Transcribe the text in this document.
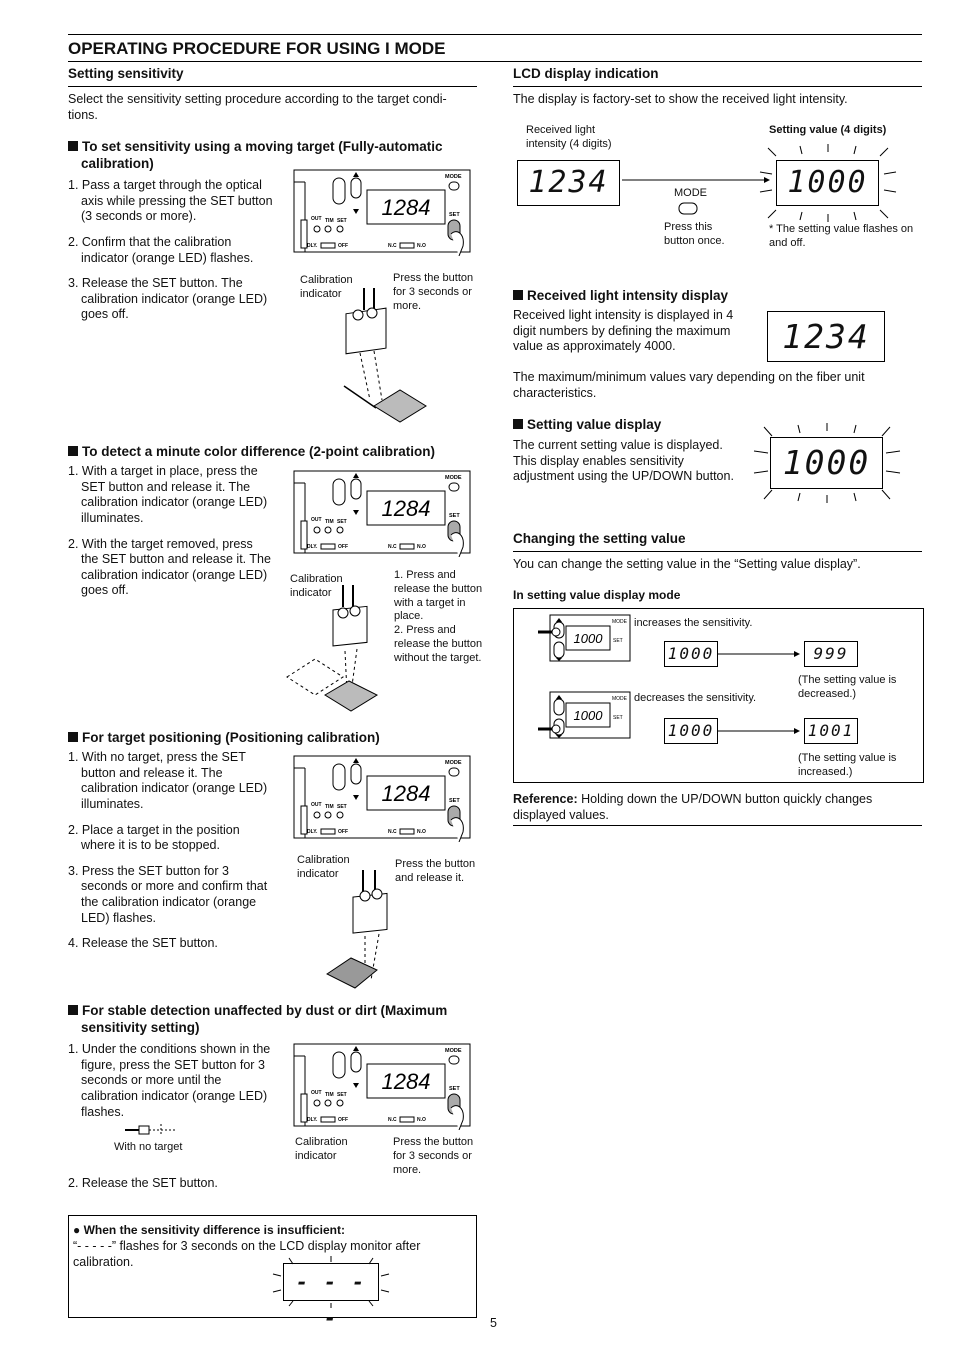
OPERATING PROCEDURE FOR USING I MODE
Setting sensitivity
Select the sensitivity setting procedure according to the target condi-
tions.
To set sensitivity using a moving target (Fully-automatic calibration)
1. Pass a target through the optical axis while pressing the SET button (3 seconds or more).
2. Confirm that the calibration indicator (orange LED) flashes.
3. Release the SET button. The calibration indicator (orange LED) goes off.
1284
MODE
SET
OUT TIM SET
DLY.	OFF	N.C	N.O
Calibration indicator
Press the button for 3 seconds or more.
To detect a minute color difference (2-point calibration)
1. With a target in place, press the SET button and release it. The calibration indicator (orange LED) illuminates.
2. With the target removed, press the SET button and release it. The calibration indicator (orange LED) goes off.
1284
MODE
SET
OUT TIM SET
DLY.	OFF	N.C	N.O
Calibration indicator
1. Press and release the button with a target in place.
2. Press and release the button without the target.
For target positioning (Positioning calibration)
1. With no target, press the SET button and release it. The calibration indicator (orange LED) illuminates.
2. Place a target in the position where it is to be stopped.
3. Press the SET button for 3 seconds or more and confirm that the calibration indicator (orange LED) flashes.
4. Release the SET button.
1284
MODE
SET
OUT TIM SET
DLY.	OFF	N.C	N.O
Calibration indicator
Press the button and release it.
For stable detection unaffected by dust or dirt (Maximum sensitivity setting)
1. Under the conditions shown in the figure, press the SET button for 3 seconds or more until the calibration indicator (orange LED) flashes.
With no target
2. Release the SET button.
1284
MODE
SET
OUT TIM SET
DLY.	OFF	N.C	N.O
Calibration indicator
Press the button for 3 seconds or more.
● When the sensitivity difference is insufficient:
“- - - - -” flashes for 3 seconds on the LCD display monitor after calibration.
- - - -	5
LCD display indication
The display is factory-set to show the received light intensity.
Received light intensity (4 digits)
Setting value (4 digits)
1234	MODE
Press this button once.
1000
* The setting value flashes on and off.
Received light intensity display
Received light intensity is displayed in 4 digit numbers by defining the maximum value as approximately 4000.	1234
The maximum/minimum values vary depending on the fiber unit characteristics.
Setting value display
The current setting value is displayed. This display enables sensitivity adjustment using the UP/DOWN button.	1000
Changing the setting value
You can change the setting value in the “Setting value display”.
In setting value display mode
1000
MODE
SET
increases the sensitivity.
1000	999
(The setting value is decreased.)
1000
MODE
SET
decreases the sensitivity.
1000	1001
(The setting value is increased.)
Reference: Holding down the UP/DOWN button quickly changes displayed values.
